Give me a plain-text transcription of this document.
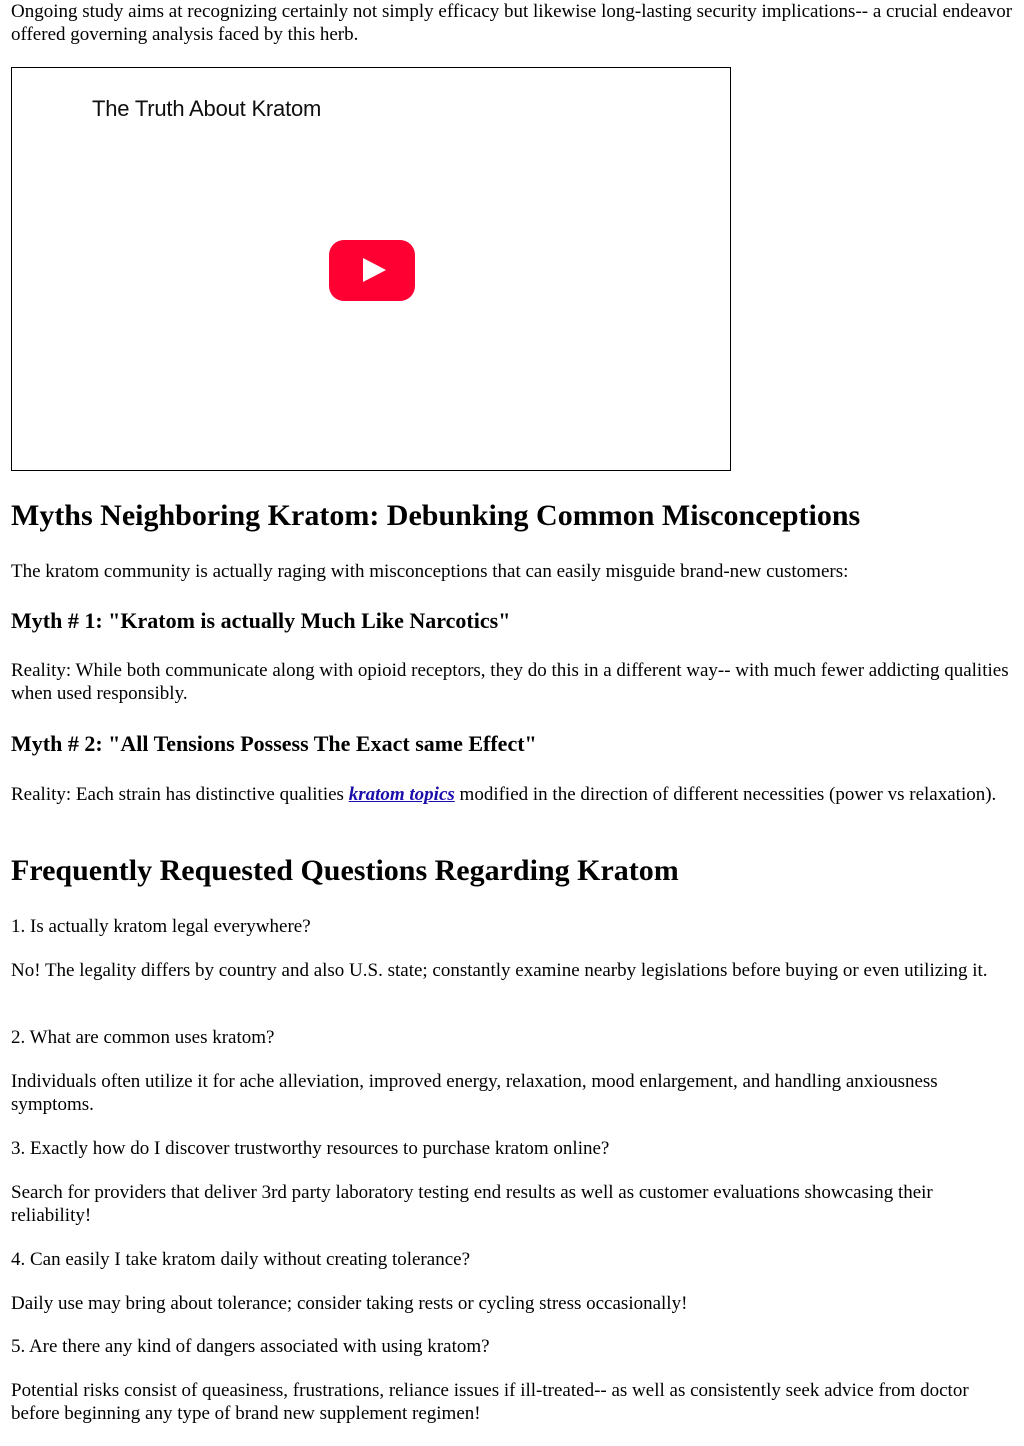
Ongoing study aims at recognizing certainly not simply efficacy but likewise long-lasting security implications-- a crucial endeavor offered governing analysis faced by this herb.

The Truth About Kratom
Myths Neighboring Kratom: Debunking Common Misconceptions

The kratom community is actually raging with misconceptions that can easily misguide brand-new customers:

Myth # 1: "Kratom is actually Much Like Narcotics"

Reality: While both communicate along with opioid receptors, they do this in a different way-- with much fewer addicting qualities when used responsibly.

Myth # 2: "All Tensions Possess The Exact same Effect"

Reality: Each strain has distinctive qualities kratom topics modified in the direction of different necessities (power vs relaxation).

Frequently Requested Questions Regarding Kratom

1. Is actually kratom legal everywhere?

No! The legality differs by country and also U.S. state; constantly examine nearby legislations before buying or even utilizing it.

2. What are common uses kratom?

Individuals often utilize it for ache alleviation, improved energy, relaxation, mood enlargement, and handling anxiousness symptoms.

3. Exactly how do I discover trustworthy resources to purchase kratom online?

Search for providers that deliver 3rd party laboratory testing end results as well as customer evaluations showcasing their reliability!

4. Can easily I take kratom daily without creating tolerance?

Daily use may bring about tolerance; consider taking rests or cycling stress occasionally!

5. Are there any kind of dangers associated with using kratom?

Potential risks consist of queasiness, frustrations, reliance issues if ill-treated-- as well as consistently seek advice from doctor before beginning any type of brand new supplement regimen!
